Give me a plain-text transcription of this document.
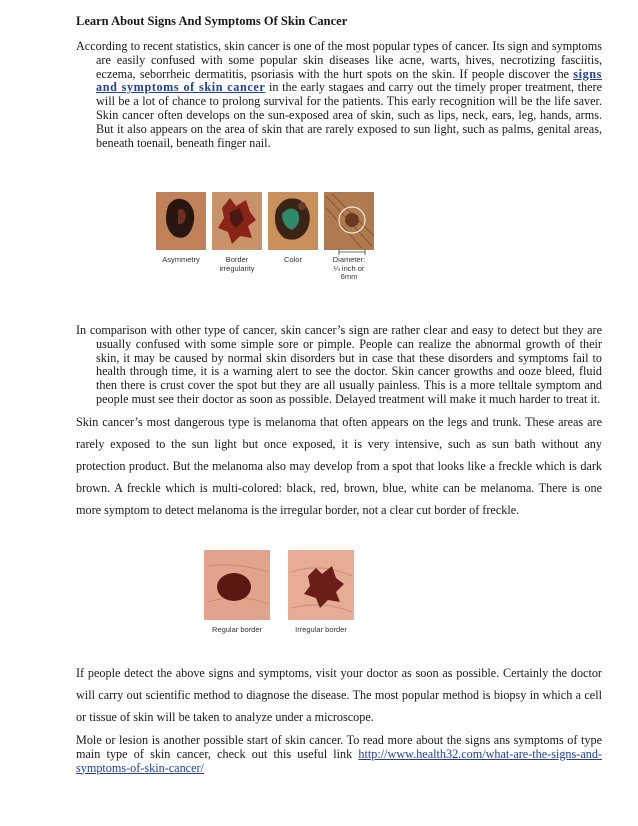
Learn About Signs And Symptoms Of Skin Cancer

According to recent statistics, skin cancer is one of the most popular types of cancer. Its sign and symptoms are easily confused with some popular skin diseases like acne, warts, hives, necrotizing fasciitis, eczema, seborrheic dermatitis, psoriasis with the hurt spots on the skin. If people discover the signs and symptoms of skin cancer in the early stagaes and carry out the timely proper treatment, there will be a lot of chance to prolong survival for the patients. This early recognition will be the life saver. Skin cancer often develops on the sun-exposed area of skin, such as lips, neck, ears, leg, hands, arms. But it also appears on the area of skin that are rarely exposed to sun light, such as palms, genital areas, beneath toenail, beneath finger nail.

Asymmetry	Border
irregularity
Color	Diameter:
¼ inch or
6mm

In comparison with other type of cancer, skin cancer’s sign are rather clear and easy to detect but they are usually confused with some simple sore or pimple. People can realize the abnormal growth of their skin, it may be caused by normal skin disorders but in case that these disorders and symptoms fail to health through time, it is a warning alert to see the doctor. Skin cancer growths and ooze bleed, fluid then there is crust cover the spot but they are all usually painless. This is a more telltale symptom and people must see their doctor as soon as possible. Delayed treatment will make it much harder to treat it.

Skin cancer’s most dangerous type is melanoma that often appears on the legs and trunk. These areas are rarely exposed to the sun light but once exposed, it is very intensive, such as sun bath without any protection product. But the melanoma also may develop from a spot that looks like a freckle which is dark brown. A freckle which is multi-colored: black, red, brown, blue, white can be melanoma. There is one more symptom to detect melanoma is the irregular border, not a clear cut border of freckle.

Regular border	Irregular border

If people detect the above signs and symptoms, visit your doctor as soon as possible. Certainly the doctor will carry out scientific method to diagnose the disease. The most popular method is biopsy in which a cell or tissue of skin will be taken to analyze under a microscope.

Mole or lesion is another possible start of skin cancer. To read more about the signs ans symptoms of type main type of skin cancer, check out this useful link http://www.health32.com/what-are-the-signs-and-symptoms-of-skin-cancer/
